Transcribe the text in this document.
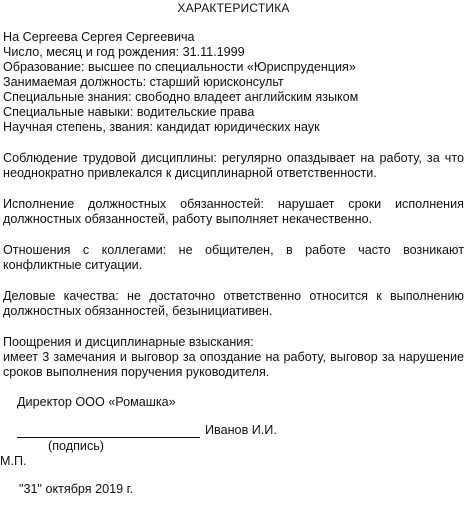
ХАРАКТЕРИСТИКА
На Сергеева Сергея Сергеевича
Число, месяц и год рождения: 31.11.1999
Образование: высшее по специальности «Юриспруденция»
Занимаемая должность: старший юрисконсульт
Специальные знания: свободно владеет английским языком
Специальные навыки: водительские права
Научная степень, звания: кандидат юридических наук

Соблюдение трудовой дисциплины: регулярно опаздывает на работу, за что неоднократно привлекался к дисциплинарной ответственности.

Исполнение должностных обязанностей: нарушает сроки исполнения должностных обязанностей, работу выполняет некачественно.

Отношения с коллегами: не общителен, в работе часто возникают конфликтные ситуации.

Деловые качества: не достаточно ответственно относится к выполнению должностных обязанностей, безынициативен.

Поощрения и дисциплинарные взыскания:

имеет 3 замечания и выговор за опоздание на работу, выговор за нарушение сроков выполнения поручения руководителя.

Директор ООО «Ромашка»
Иванов И.И.
(подпись)
М.П.
"31" октября 2019 г.
